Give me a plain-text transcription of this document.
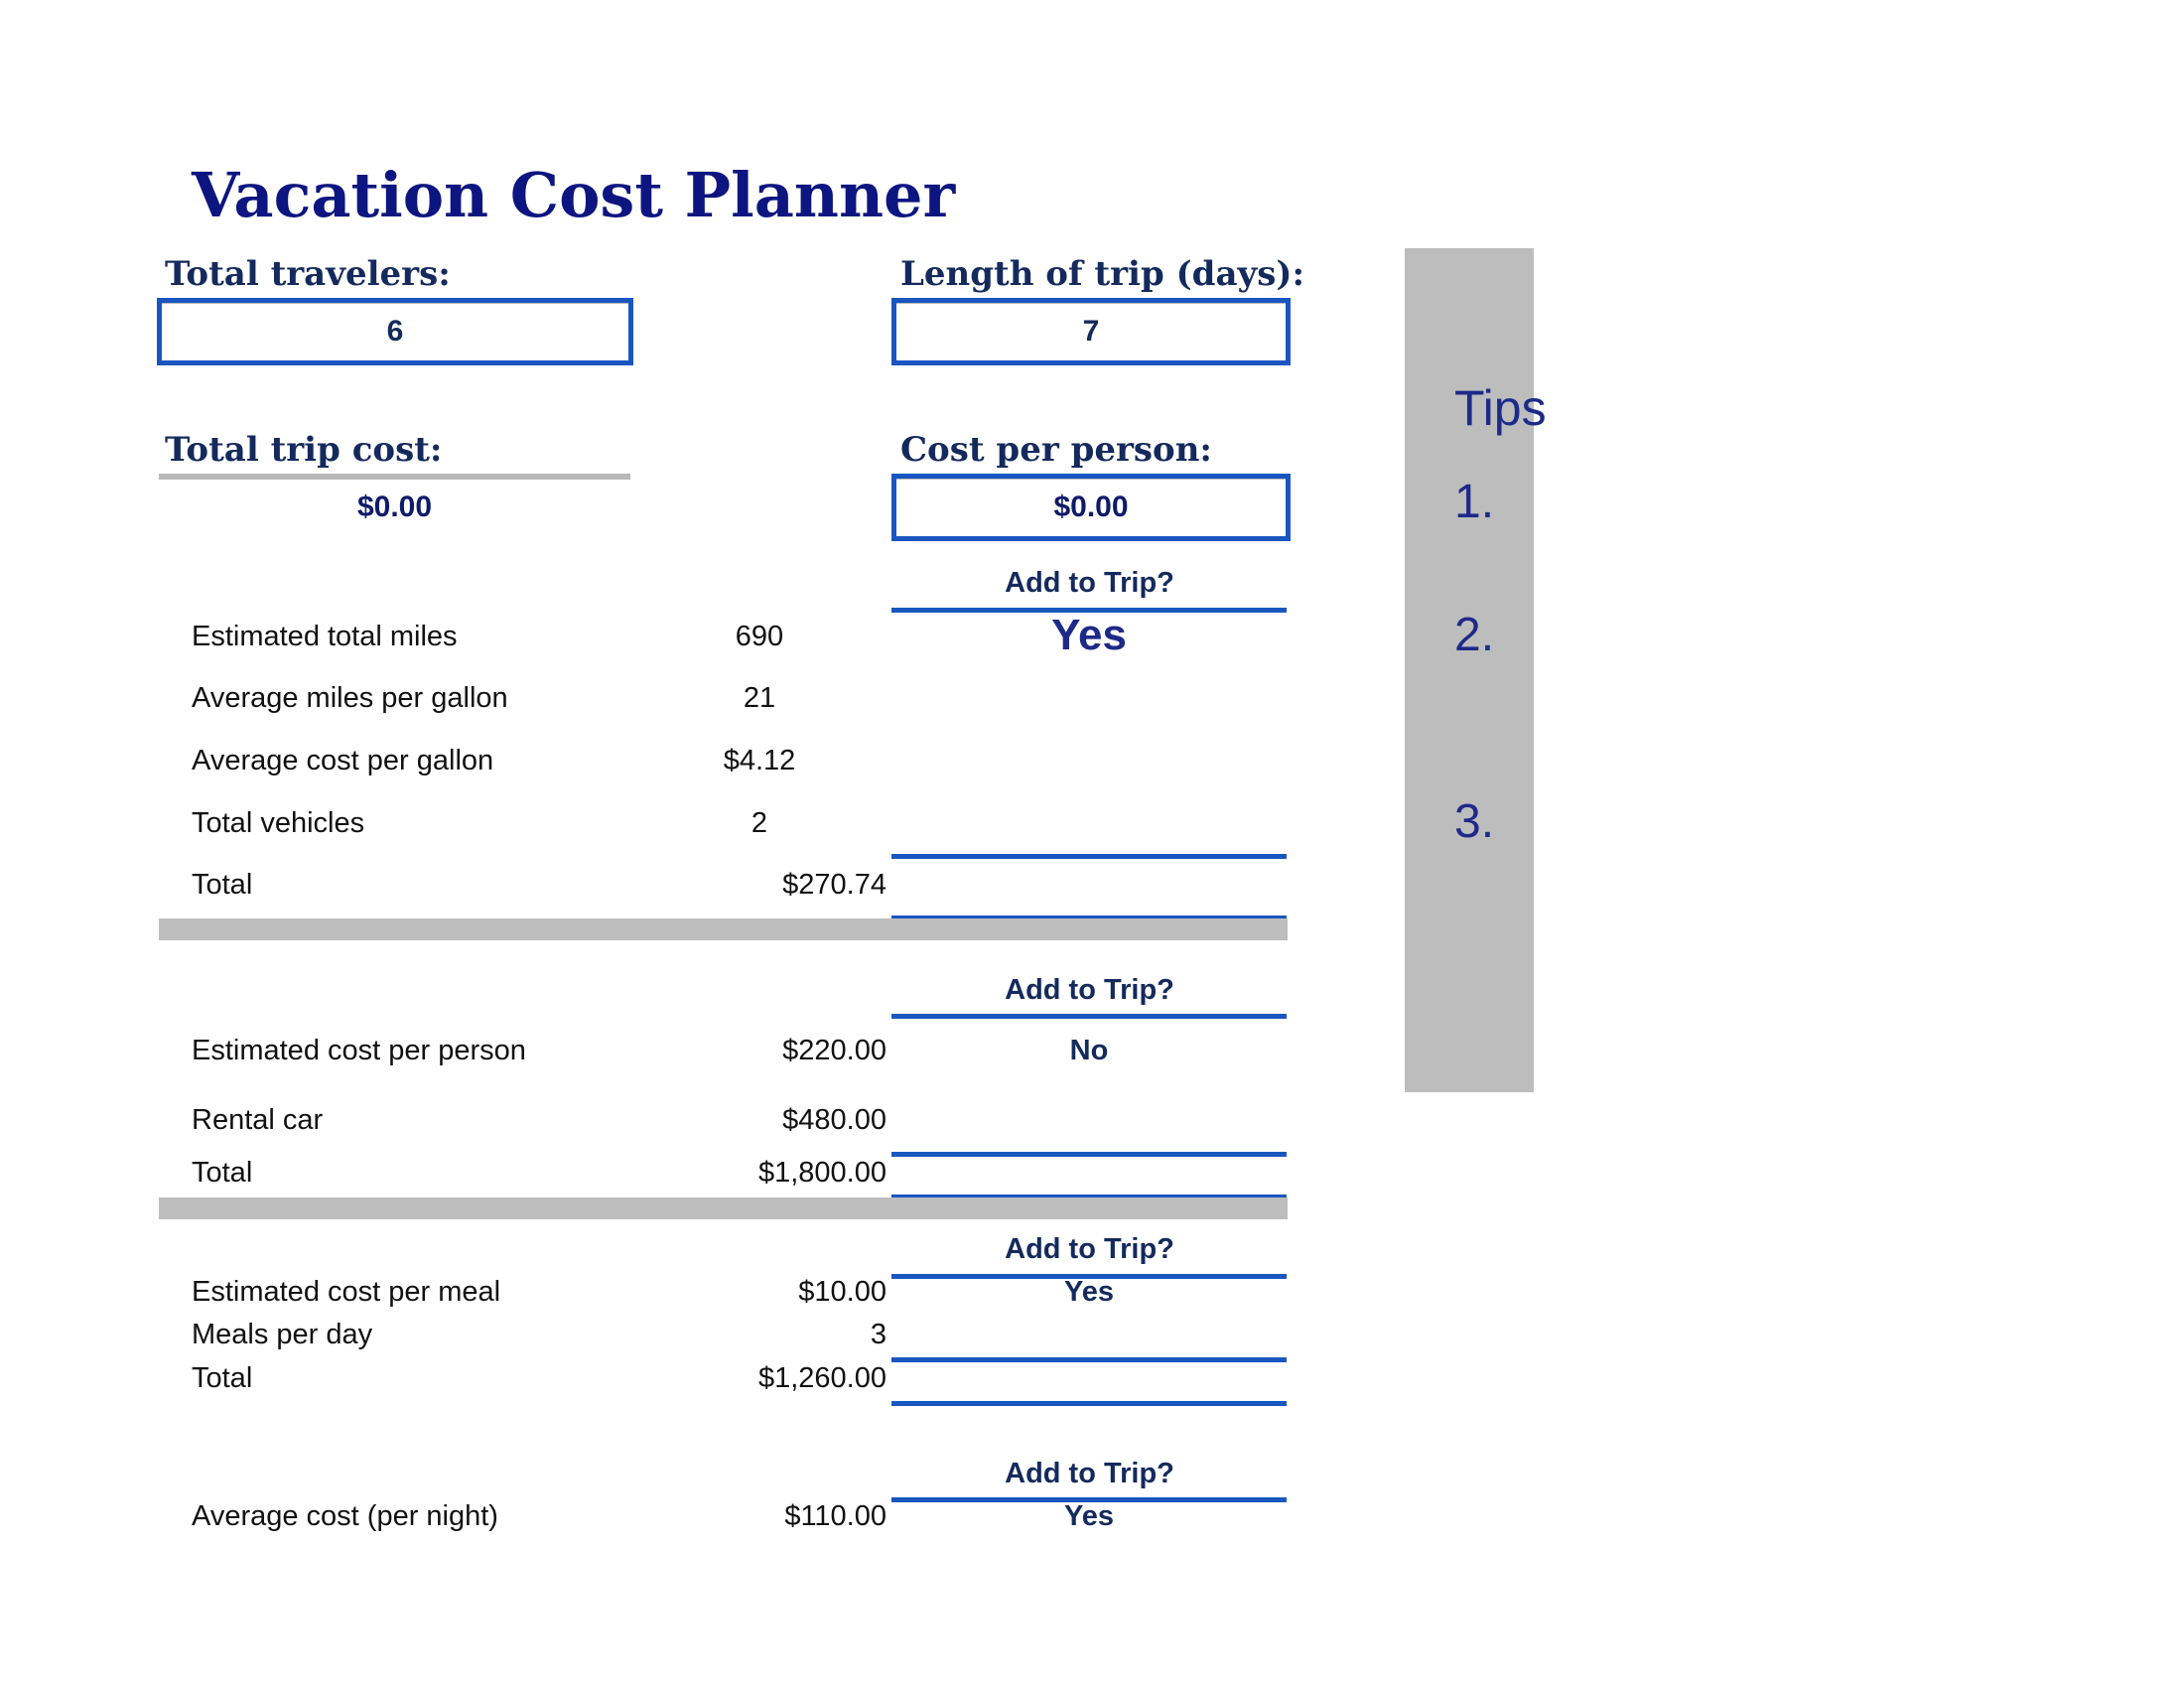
Vacation Cost Planner
Total travelers:
6
Length of trip (days):
7
Total trip cost:
$0.00
Cost per person:
$0.00
Add to Trip?
Yes
Estimated total miles	690
Average miles per gallon	21
Average cost per gallon	$4.12
Total vehicles	2
Total	$270.74
Add to Trip?
No
Estimated cost per person	$220.00
Rental car	$480.00
Total	$1,800.00
Add to Trip?
Yes
Estimated cost per meal	$10.00
Meals per day	3
Total	$1,260.00
Add to Trip?
Yes
Average cost (per night)	$110.00
Tips
1.
2.
3.
